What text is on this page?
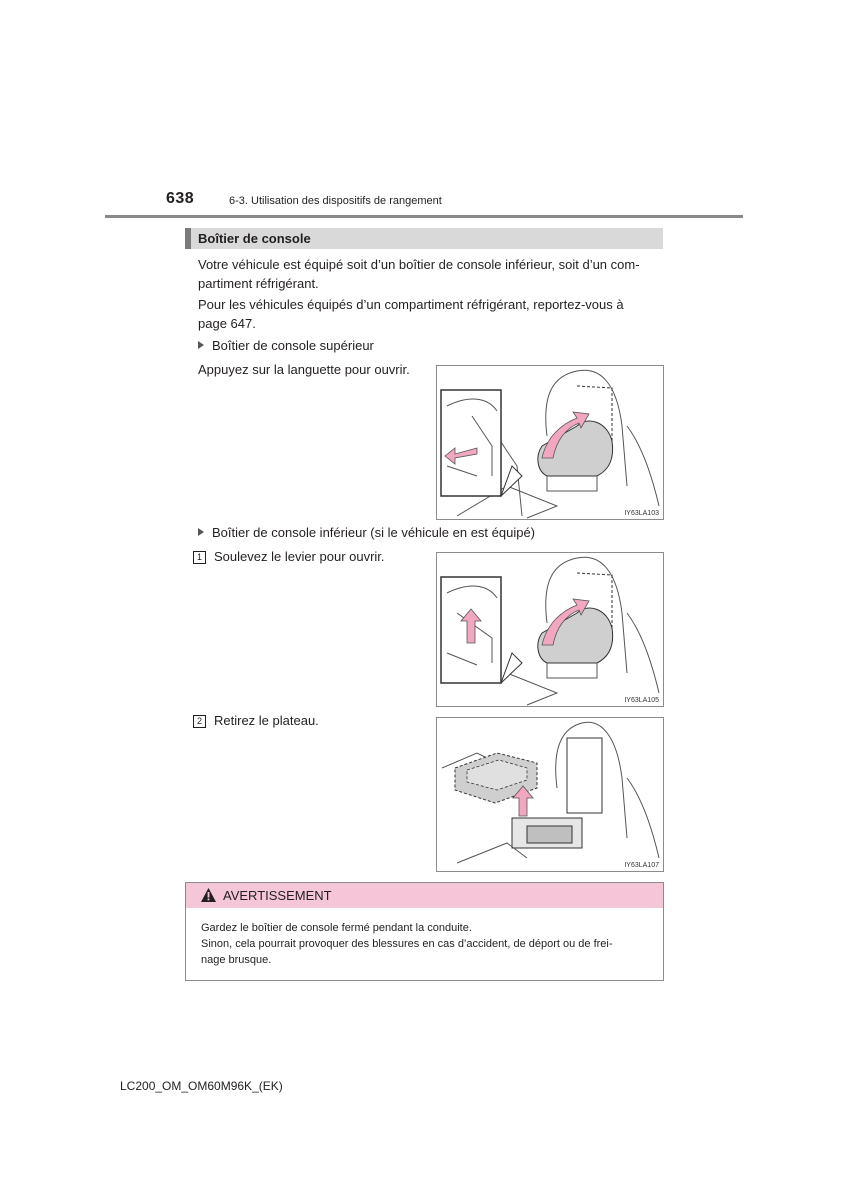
638	6-3. Utilisation des dispositifs de rangement
Boîtier de console
Votre véhicule est équipé soit d’un boîtier de console inférieur, soit d’un com-
partiment réfrigérant.
Pour les véhicules équipés d’un compartiment réfrigérant, reportez-vous à
page 647.
Boîtier de console supérieur
Appuyez sur la languette pour ouvrir.
IY63LA103
Boîtier de console inférieur (si le véhicule en est équipé)
1 Soulevez le levier pour ouvrir.
IY63LA105
2 Retirez le plateau.
IY63LA107
AVERTISSEMENT
Gardez le boîtier de console fermé pendant la conduite.
Sinon, cela pourrait provoquer des blessures en cas d’accident, de déport ou de frei-
nage brusque.
LC200_OM_OM60M96K_(EK)
